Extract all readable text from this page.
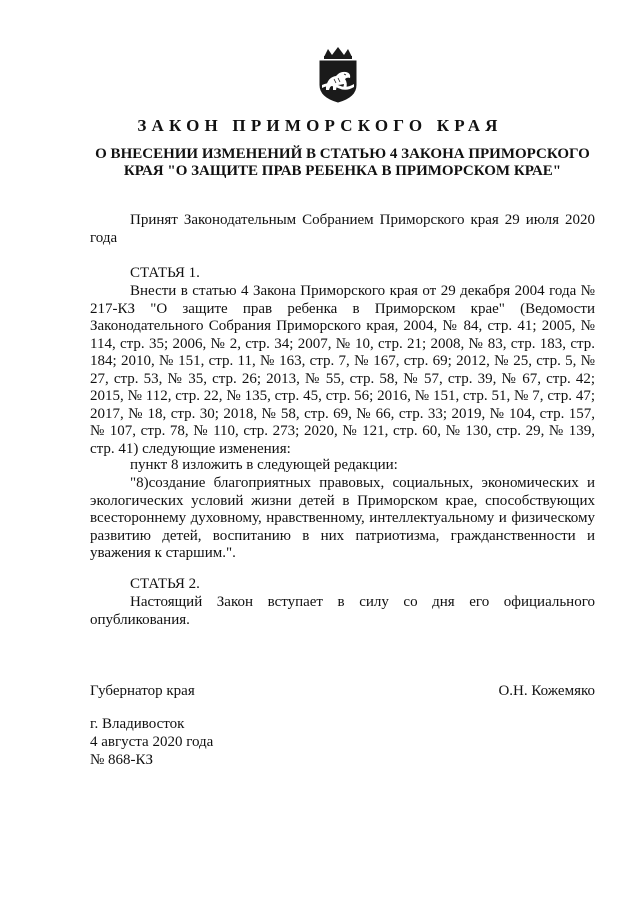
ЗАКОН ПРИМОРСКОГО КРАЯ
О ВНЕСЕНИИ ИЗМЕНЕНИЙ В СТАТЬЮ 4 ЗАКОНА ПРИМОРСКОГО КРАЯ "О ЗАЩИТЕ ПРАВ РЕБЕНКА В ПРИМОРСКОМ КРАЕ"

Принят Законодательным Собранием Приморского края 29 июля 2020 года

СТАТЬЯ 1.

Внести в статью 4 Закона Приморского края от 29 декабря 2004 года № 217-КЗ "О защите прав ребенка в Приморском крае" (Ведомости Законодательного Собрания Приморского края, 2004, № 84, стр. 41; 2005, № 114, стр. 35; 2006, № 2, стр. 34; 2007, № 10, стр. 21; 2008, № 83, стр. 183, стр. 184; 2010, № 151, стр. 11, № 163, стр. 7, № 167, стр. 69; 2012, № 25, стр. 5, № 27, стр. 53, № 35, стр. 26; 2013, № 55, стр. 58, № 57, стр. 39, № 67, стр. 42; 2015, № 112, стр. 22, № 135, стр. 45, стр. 56; 2016, № 151, стр. 51, № 7, стр. 47; 2017, № 18, стр. 30; 2018, № 58, стр. 69, № 66, стр. 33; 2019, № 104, стр. 157, № 107, стр. 78, № 110, стр. 273; 2020, № 121, стр. 60, № 130, стр. 29, № 139, стр. 41) следующие изменения:

пункт 8 изложить в следующей редакции:

"8)создание благоприятных правовых, социальных, экономических и экологических условий жизни детей в Приморском крае, способствующих всестороннему духовному, нравственному, интеллектуальному и физическому развитию детей, воспитанию в них патриотизма, гражданственности и уважения к старшим.".

СТАТЬЯ 2.

Настоящий Закон вступает в силу со дня его официального опубликования.

Губернатор края	О.Н. Кожемяко
г. Владивосток
4 августа 2020 года
№ 868-КЗ
